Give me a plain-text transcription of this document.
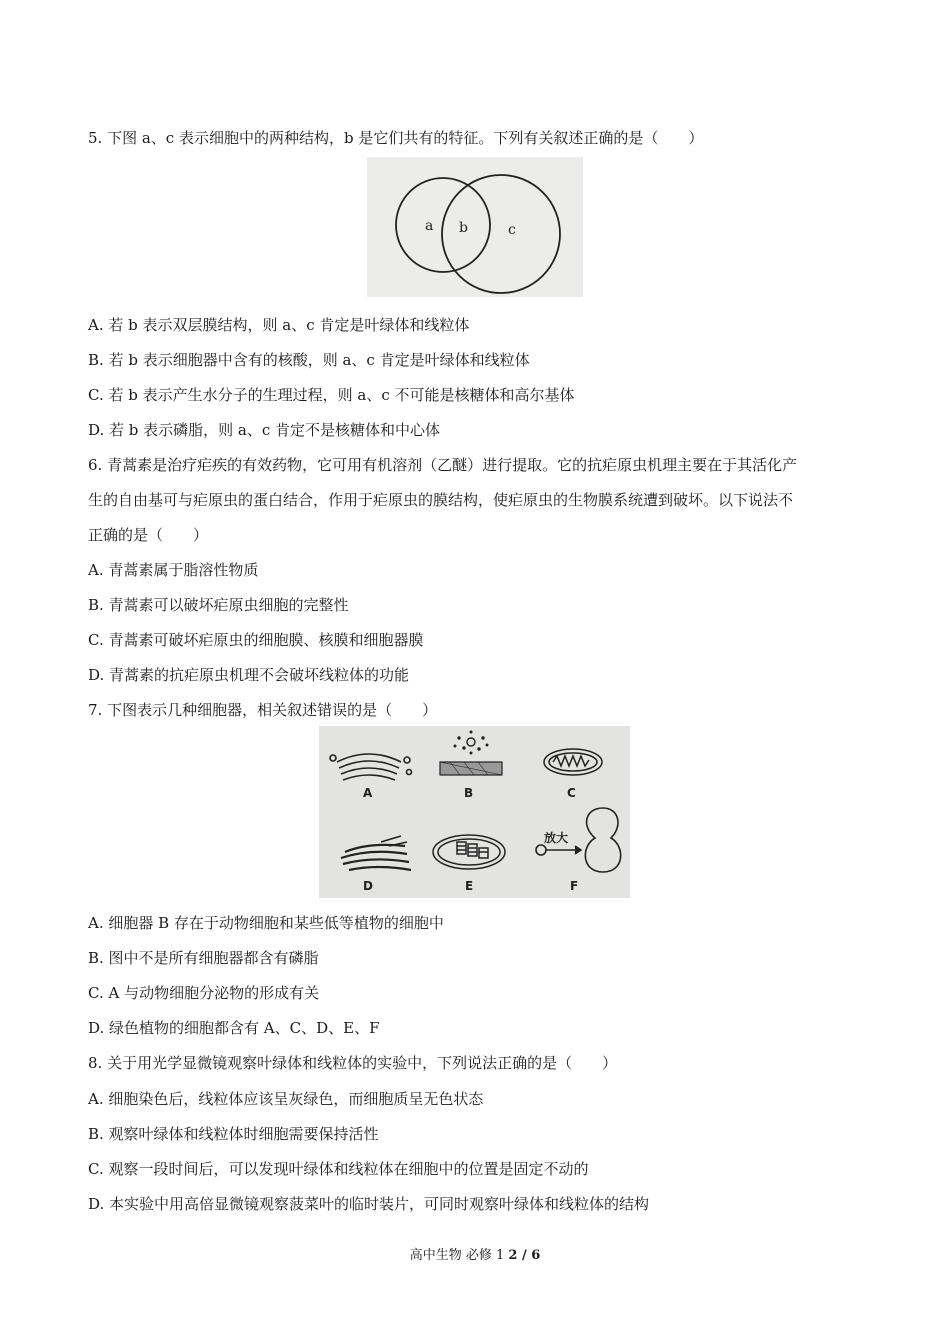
5. 下图 a、c 表示细胞中的两种结构，b 是它们共有的特征。下列有关叙述正确的是（　　）
a b	c
A. 若 b 表示双层膜结构，则 a、c 肯定是叶绿体和线粒体
B. 若 b 表示细胞器中含有的核酸，则 a、c 肯定是叶绿体和线粒体
C. 若 b 表示产生水分子的生理过程，则 a、c 不可能是核糖体和高尔基体
D. 若 b 表示磷脂，则 a、c 肯定不是核糖体和中心体
6. 青蒿素是治疗疟疾的有效药物，它可用有机溶剂（乙醚）进行提取。它的抗疟原虫机理主要在于其活化产
生的自由基可与疟原虫的蛋白结合，作用于疟原虫的膜结构，使疟原虫的生物膜系统遭到破坏。以下说法不
正确的是（　　）
A. 青蒿素属于脂溶性物质
B. 青蒿素可以破坏疟原虫细胞的完整性
C. 青蒿素可破坏疟原虫的细胞膜、核膜和细胞器膜
D. 青蒿素的抗疟原虫机理不会破坏线粒体的功能
7. 下图表示几种细胞器，相关叙述错误的是（　　）
A	B	C
D	E
放大
F
A. 细胞器 B 存在于动物细胞和某些低等植物的细胞中
B. 图中不是所有细胞器都含有磷脂
C. A 与动物细胞分泌物的形成有关
D. 绿色植物的细胞都含有 A、C、D、E、F
8. 关于用光学显微镜观察叶绿体和线粒体的实验中，下列说法正确的是（　　）
A. 细胞染色后，线粒体应该呈灰绿色，而细胞质呈无色状态
B. 观察叶绿体和线粒体时细胞需要保持活性
C. 观察一段时间后，可以发现叶绿体和线粒体在细胞中的位置是固定不动的
D. 本实验中用高倍显微镜观察菠菜叶的临时装片，可同时观察叶绿体和线粒体的结构
高中生物 必修 1 2 / 6
